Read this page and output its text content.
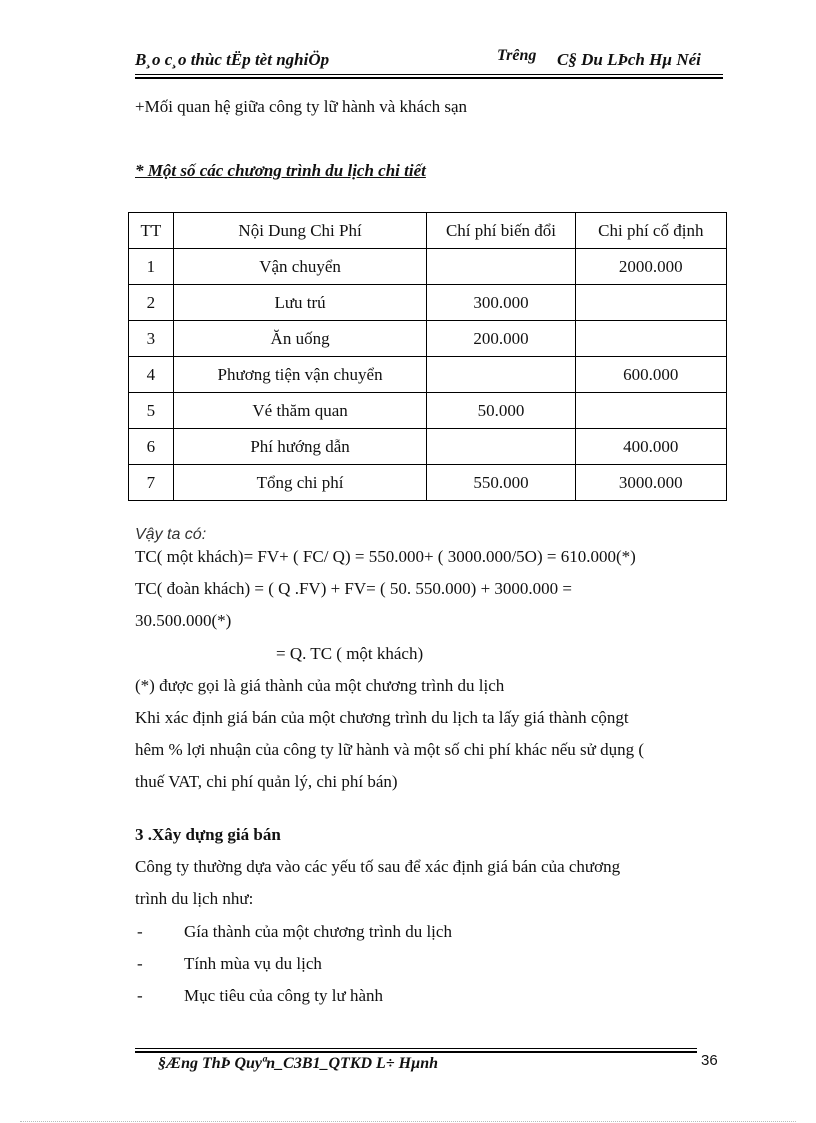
B¸o c¸o thùc tËp tèt nghiÖp	Trêng C§ Du LÞch Hµ Néi
+Mối quan hệ giữa công ty lữ hành và khách sạn
* Một số các chương trình du lịch chi tiết
TT	Nội Dung Chi Phí	Chí phí biến đổi	Chi phí cố định
1	Vận chuyển		2000.000
2	Lưu trú	300.000	
3	Ăn uống	200.000	
4	Phương tiện vận chuyển		600.000
5	Vé thăm quan	50.000	
6	Phí hướng dẫn		400.000
7	Tổng chi phí	550.000	3000.000
Vậy ta có:
TC( một khách)= FV+ ( FC/ Q) = 550.000+ ( 3000.000/5O) = 610.000(*)
TC( đoàn khách) = ( Q .FV) + FV= ( 50. 550.000) + 3000.000 =
30.500.000(*)
= Q. TC ( một khách)
(*) được gọi là giá thành của một chương trình du lịch
Khi xác định giá bán của một chương trình du lịch ta lấy giá thành cộngt
hêm % lợi nhuận của công ty lữ hành và một số chi phí khác nếu sử dụng (
thuế VAT, chi phí quản lý, chi phí bán)
3 .Xây dựng giá bán
Công ty thường dựa vào các yếu tố sau để xác định giá bán của chương
trình du lịch như:
- Gía thành của một chương trình du lịch
- Tính mùa vụ du lịch
- Mục tiêu của công ty lư hành
§Æng ThÞ Quyªn_C3B1_QTKD L÷ Hµnh	36
